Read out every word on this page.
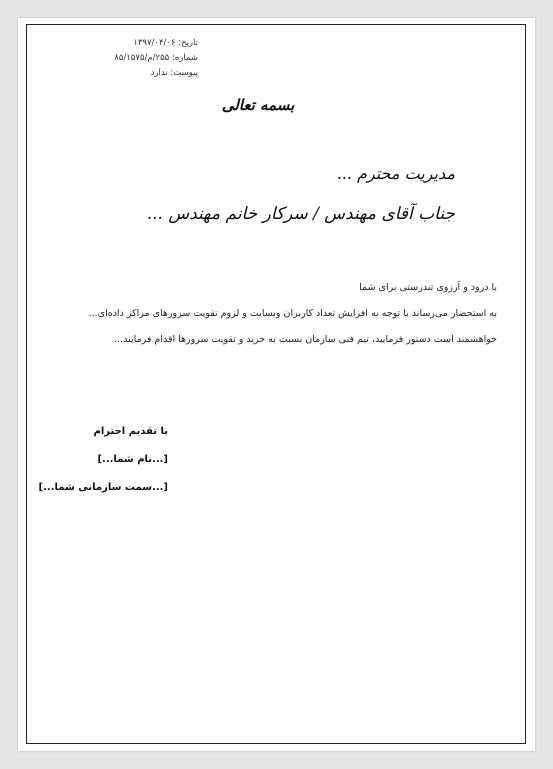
تاریخ: ۱۳۹۷/۰۴/۰۶
شماره: ۲۵۵/م/۸۵/۱۵۷۵
پیوست: ندارد
بسمه تعالی
مدیریت محترم ...
جناب آقای مهندس / سرکار خانم مهندس ...

با درود و آرزوی تندرستی برای شما

به استحضار می‌رساند با توجه به افزایش تعداد کاربران وبسایت و لزوم تقویت سرورهای مراکز داده‌ای...

خواهشمند است دستور فرمایید، تیم فنی سازمان نسبت به خرید و تقویت سرورها اقدام فرمایند...

با تقدیم احترام
[...نام شما...]
[...سمت سازمانی شما...]
